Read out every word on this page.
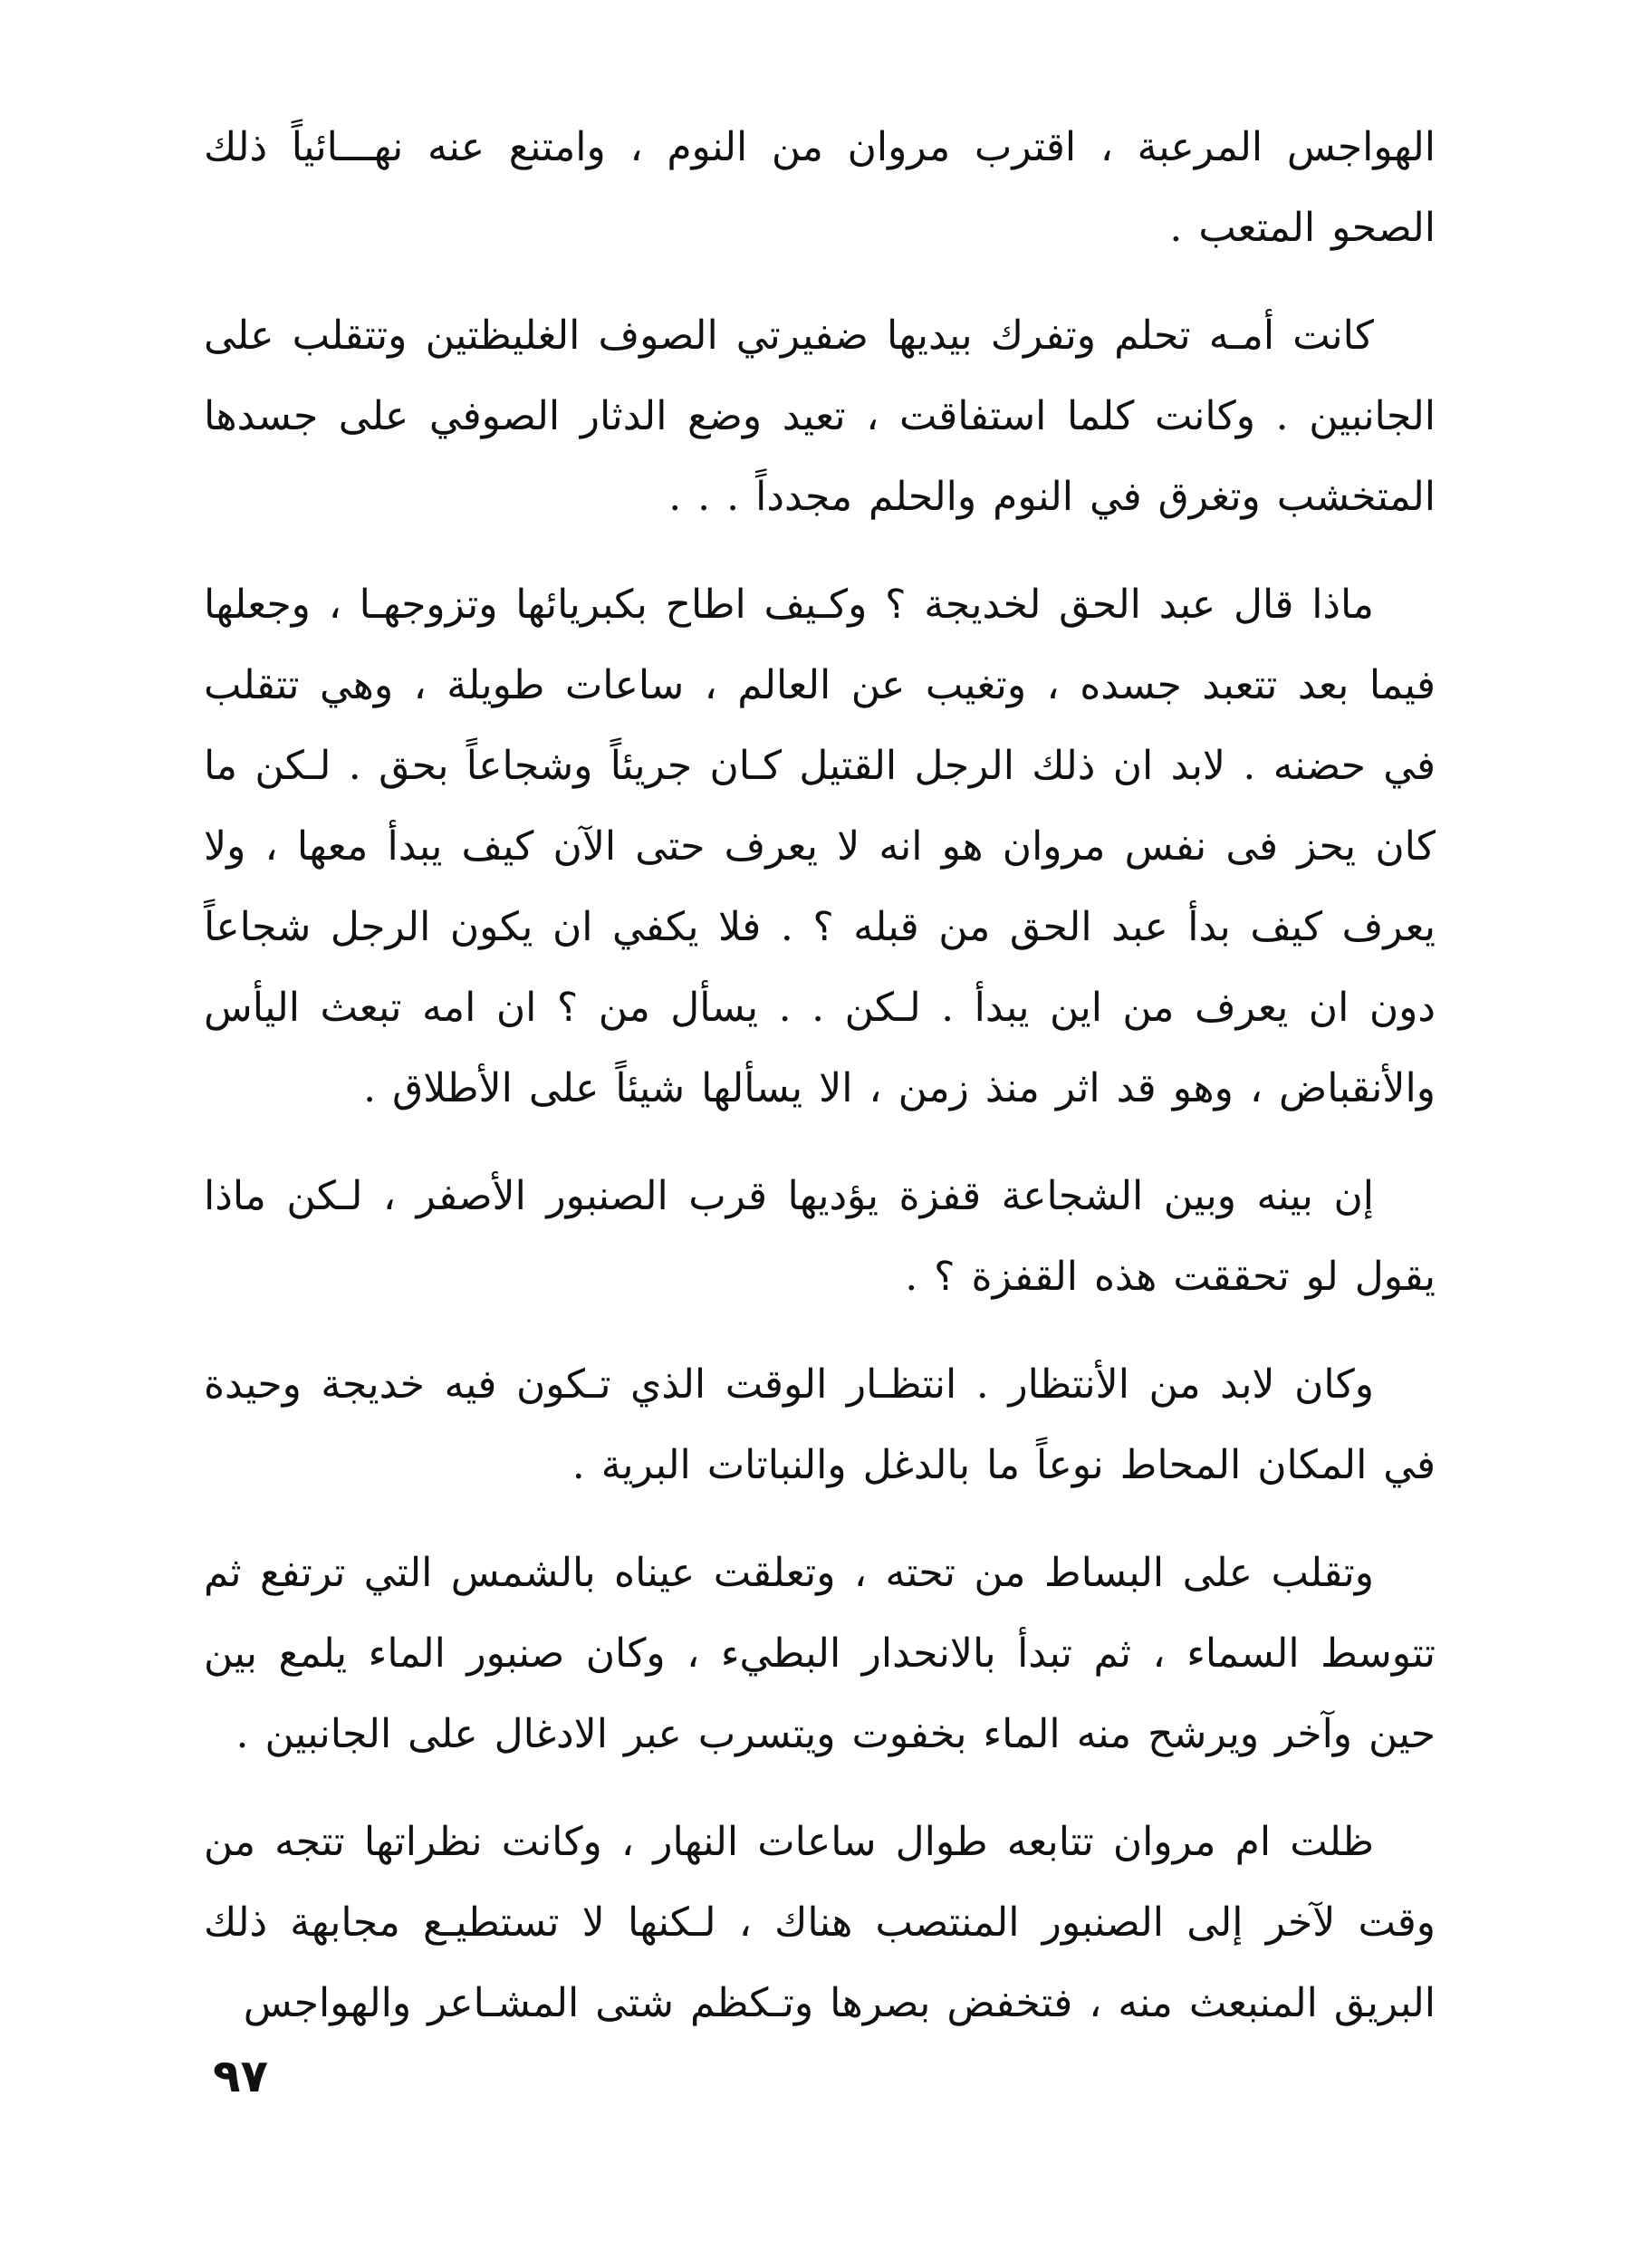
الهواجس المرعبة ، اقترب مروان من النوم ، وامتنع عنه نهـــائياً ذلك الصحو المتعب .

كانت أمـه تحلم وتفرك بيديها ضفيرتي الصوف الغليظتين وتتقلب على الجانبين . وكانت كلما استفاقت ، تعيد وضع الدثار الصوفي على جسدها المتخشب وتغرق في النوم والحلم مجدداً . . .

ماذا قال عبد الحق لخديجة ؟ وكـيف اطاح بكبريائها وتزوجهـا ، وجعلها فيما بعد تتعبد جسده ، وتغيب عن العالم ، ساعات طويلة ، وهي تتقلب في حضنه . لابد ان ذلك الرجل القتيل كـان جريئاً وشجاعاً بحق . لـكن ما كان يحز فى نفس مروان هو انه لا يعرف حتى الآن كيف يبدأ معها ، ولا يعرف كيف بدأ عبد الحق من قبله ؟ . فلا يكفي ان يكون الرجل شجاعاً دون ان يعرف من اين يبدأ . لـكن . . يسأل من ؟ ان امه تبعث اليأس والأنقباض ، وهو قد اثر منذ زمن ، الا يسألها شيئاً على الأطلاق .

إن بينه وبين الشجاعة قفزة يؤديها قرب الصنبور الأصفر ، لـكن ماذا يقول لو تحققت هذه القفزة ؟ .

وكان لابد من الأنتظار . انتظـار الوقت الذي تـكون فيه خديجة وحيدة في المكان المحاط نوعاً ما بالدغل والنباتات البرية .

وتقلب على البساط من تحته ، وتعلقت عيناه بالشمس التي ترتفع ثم تتوسط السماء ، ثم تبدأ بالانحدار البطيء ، وكان صنبور الماء يلمع بين حين وآخر ويرشح منه الماء بخفوت ويتسرب عبر الادغال على الجانبين .

ظلت ام مروان تتابعه طوال ساعات النهار ، وكانت نظراتها تتجه من وقت لآخر إلى الصنبور المنتصب هناك ، لـكنها لا تستطيـع مجابهة ذلك البريق المنبعث منه ، فتخفض بصرها وتـكظم شتى المشـاعر والهواجس

٩٧
